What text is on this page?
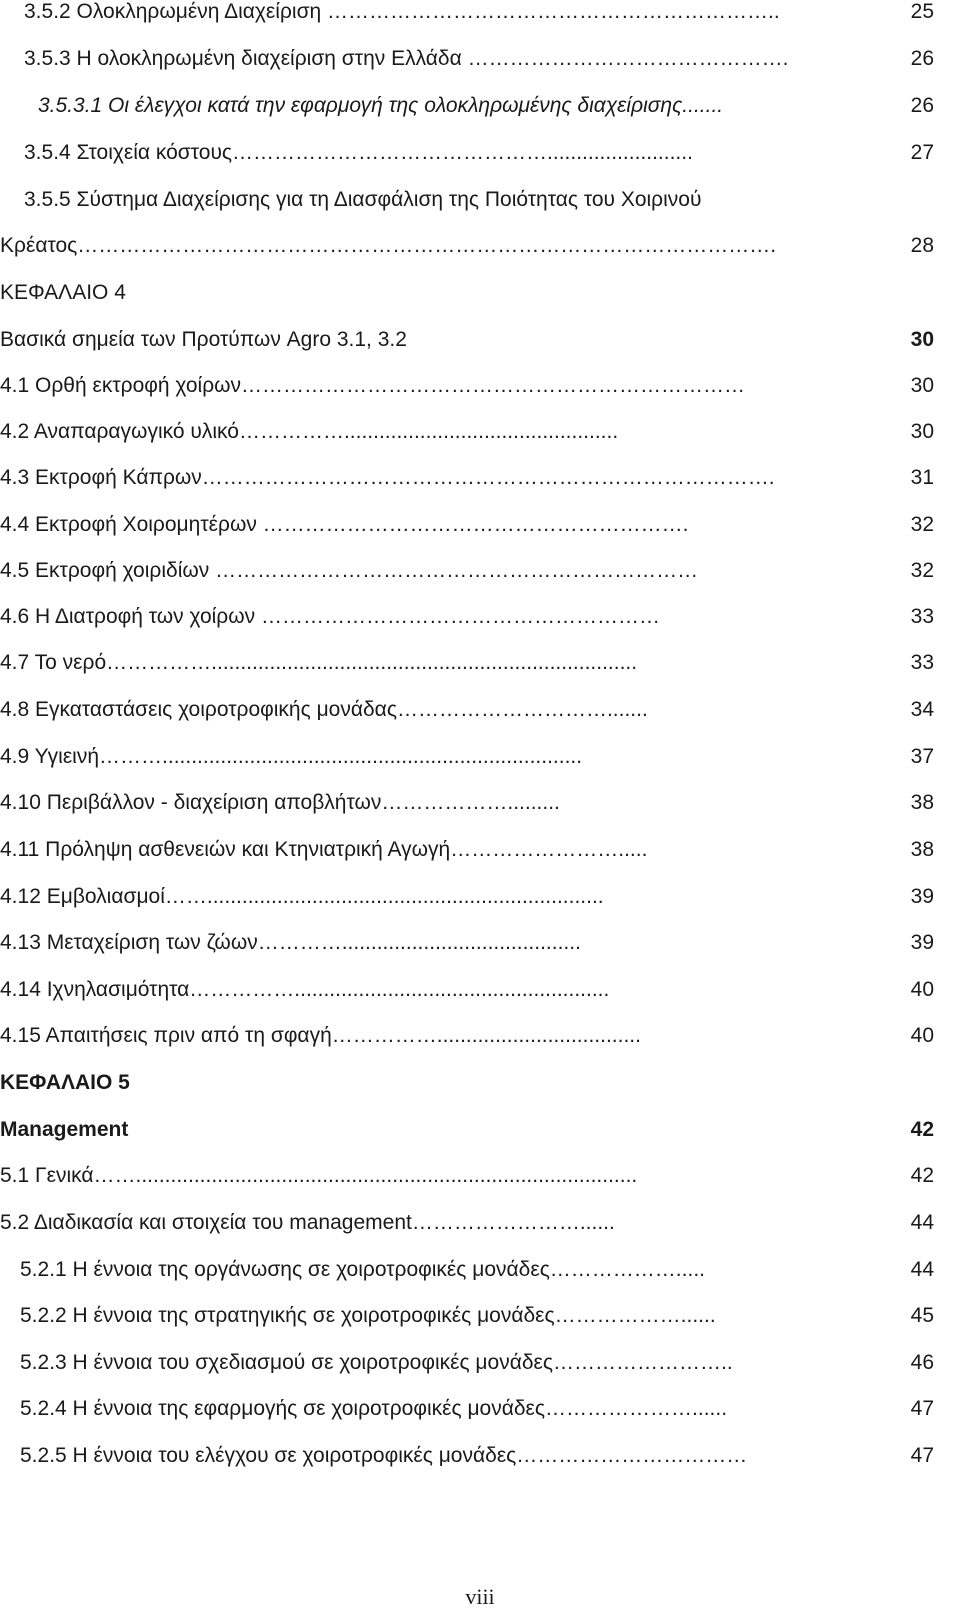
3.5.2 Ολοκληρωμένη Διαχείριση ………………………………………………………..	25
3.5.3 Η ολοκληρωμένη διαχείριση στην Ελλάδα ……………………………………….	26
3.5.3.1 Οι έλεγχοι κατά την εφαρμογή της ολοκληρωμένης διαχείρισης.......	26
3.5.4 Στοιχεία κόστους……………………………………….........................	27
3.5.5 Σύστημα Διαχείρισης για τη Διασφάλιση της Ποιότητας του Χοιρινού
Κρέατος……………………………………………………………………………………….	28
ΚΕΦΑΛΑΙΟ 4
Βασικά σημεία των Προτύπων Agro 3.1, 3.2	30
4.1 Ορθή εκτροφή χοίρων………………………………………………………………	30
4.2 Αναπαραγωγικό υλικό……………...............................................	30
4.3 Εκτροφή Κάπρων……………………………………………………………………….	31
4.4 Εκτροφή Χοιρομητέρων …………………………………………………….	32
4.5 Εκτροφή χοιριδίων ……………………………………………………………	32
4.6 Η Διατροφή των χοίρων …………………………………………………	33
4.7 Το νερό…………….........................................................................	33
4.8 Εγκαταστάσεις χοιροτροφικής μονάδας………………………….......	34
4.9 Υγιεινή………........................................................................	37
4.10 Περιβάλλον - διαχείριση αποβλήτων……………….........	38
4.11 Πρόληψη ασθενειών και Κτηνιατρική Αγωγή…………………….....	38
4.12 Εμβολιασμοί……....................................................................	39
4.13 Μεταχείριση των ζώων………….........................................	39
4.14 Ιχνηλασιμότητα……………......................................................	40
4.15 Απαιτήσεις πριν από τη σφαγή……………...................................	40
ΚΕΦΑΛΑΙΟ 5
Management	42
5.1 Γενικά……......................................................................................	42
5.2 Διαδικασία και στοιχεία του management……………………......	44
5.2.1 Η έννοια της οργάνωσης σε χοιροτροφικές μονάδες……………….....	44
5.2.2 Η έννοια της στρατηγικής σε χοιροτροφικές μονάδες………………......	45
5.2.3 Η έννοια του σχεδιασμού σε χοιροτροφικές μονάδες……………………..	46
5.2.4 Η έννοια της εφαρμογής σε χοιροτροφικές μονάδες…………………......	47
5.2.5 Η έννοια του ελέγχου σε χοιροτροφικές μονάδες……………………………	47
viii
